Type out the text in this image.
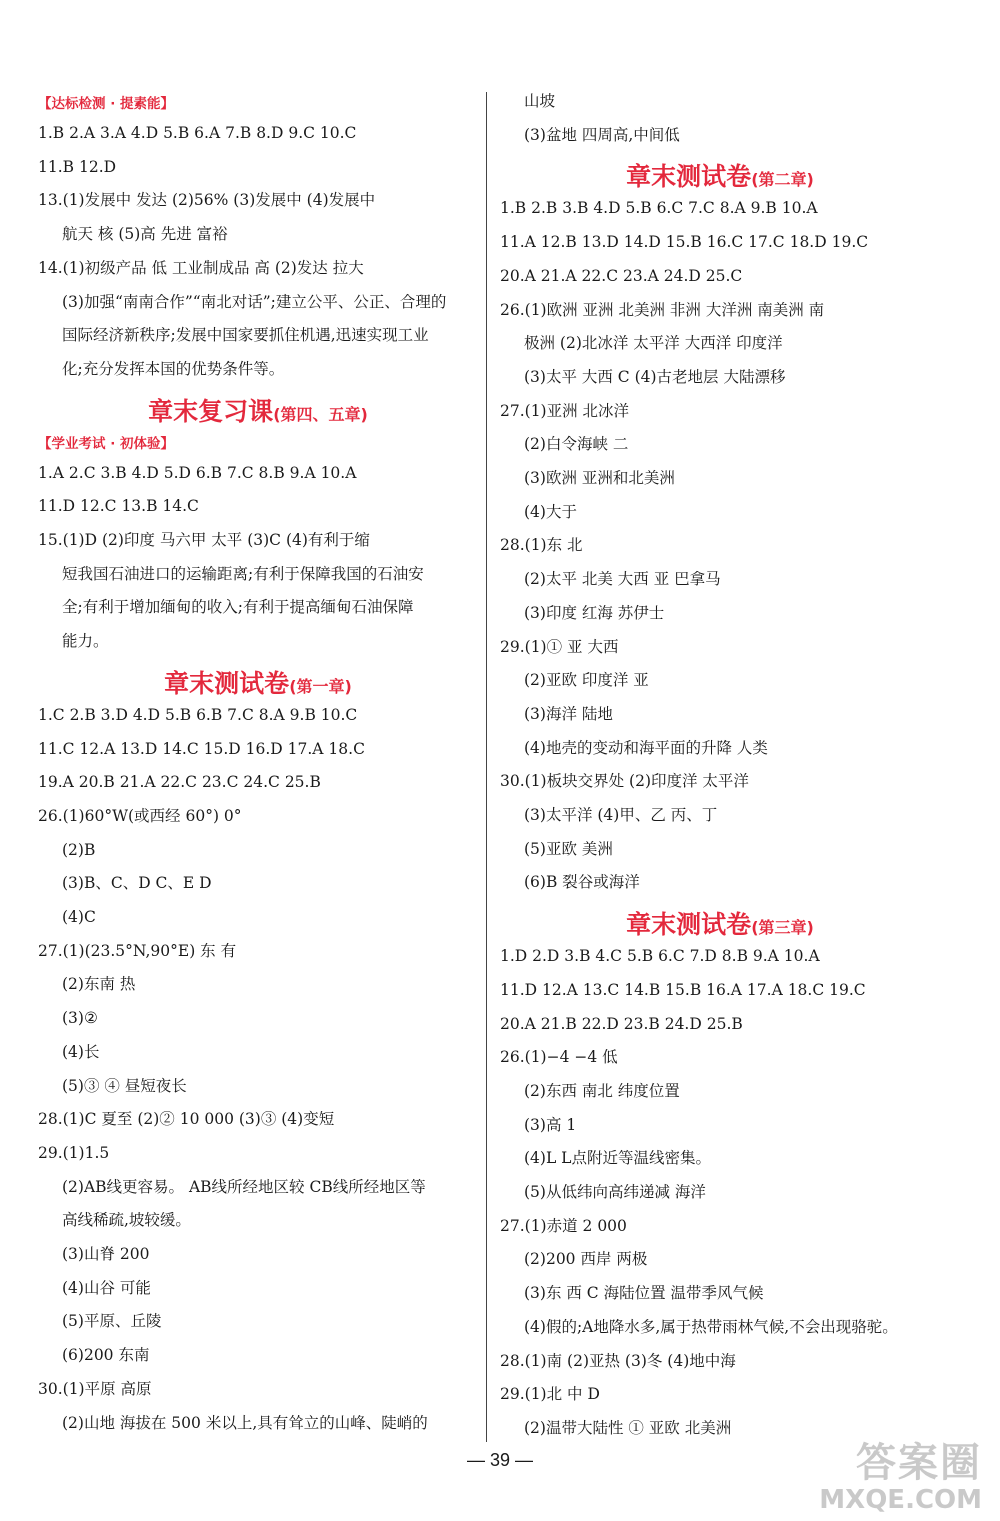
【达标检测 · 提素能】
1.B 2.A 3.A 4.D 5.B 6.A 7.B 8.D 9.C 10.C
11.B 12.D
13.(1)发展中 发达 (2)56% (3)发展中 (4)发展中
航天 核 (5)高 先进 富裕
14.(1)初级产品 低 工业制成品 高 (2)发达 拉大
(3)加强“南南合作”“南北对话”;建立公平、公正、合理的
国际经济新秩序;发展中国家要抓住机遇,迅速实现工业
化;充分发挥本国的优势条件等。
章末复习课(第四、五章)
【学业考试 · 初体验】
1.A 2.C 3.B 4.D 5.D 6.B 7.C 8.B 9.A 10.A
11.D 12.C 13.B 14.C
15.(1)D (2)印度 马六甲 太平 (3)C (4)有利于缩
短我国石油进口的运输距离;有利于保障我国的石油安
全;有利于增加缅甸的收入;有利于提高缅甸石油保障
能力。
章末测试卷(第一章)
1.C 2.B 3.D 4.D 5.B 6.B 7.C 8.A 9.B 10.C
11.C 12.A 13.D 14.C 15.D 16.D 17.A 18.C
19.A 20.B 21.A 22.C 23.C 24.C 25.B
26.(1)60°W(或西经 60°) 0°
(2)B
(3)B、C、D C、E D
(4)C
27.(1)(23.5°N,90°E) 东 有
(2)东南 热
(3)②
(4)长
(5)③ ④ 昼短夜长
28.(1)C 夏至 (2)② 10 000 (3)③ (4)变短
29.(1)1.5
(2)AB线更容易。 AB线所经地区较 CB线所经地区等
高线稀疏,坡较缓。
(3)山脊 200
(4)山谷 可能
(5)平原、丘陵
(6)200 东南
30.(1)平原 高原
(2)山地 海拔在 500 米以上,具有耸立的山峰、陡峭的
山坡
(3)盆地 四周高,中间低
章末测试卷(第二章)
1.B 2.B 3.B 4.D 5.B 6.C 7.C 8.A 9.B 10.A
11.A 12.B 13.D 14.D 15.B 16.C 17.C 18.D 19.C
20.A 21.A 22.C 23.A 24.D 25.C
26.(1)欧洲 亚洲 北美洲 非洲 大洋洲 南美洲 南
极洲 (2)北冰洋 太平洋 大西洋 印度洋
(3)太平 大西 C (4)古老地层 大陆漂移
27.(1)亚洲 北冰洋
(2)白令海峡 二
(3)欧洲 亚洲和北美洲
(4)大于
28.(1)东 北
(2)太平 北美 大西 亚 巴拿马
(3)印度 红海 苏伊士
29.(1)① 亚 大西
(2)亚欧 印度洋 亚
(3)海洋 陆地
(4)地壳的变动和海平面的升降 人类
30.(1)板块交界处 (2)印度洋 太平洋
(3)太平洋 (4)甲、乙 丙、丁
(5)亚欧 美洲
(6)B 裂谷或海洋
章末测试卷(第三章)
1.D 2.D 3.B 4.C 5.B 6.C 7.D 8.B 9.A 10.A
11.D 12.A 13.C 14.B 15.B 16.A 17.A 18.C 19.C
20.A 21.B 22.D 23.B 24.D 25.B
26.(1)−4 −4 低
(2)东西 南北 纬度位置
(3)高 1
(4)L L点附近等温线密集。
(5)从低纬向高纬递减 海洋
27.(1)赤道 2 000
(2)200 西岸 两极
(3)东 西 C 海陆位置 温带季风气候
(4)假的;A地降水多,属于热带雨林气候,不会出现骆驼。
28.(1)南 (2)亚热 (3)冬 (4)地中海
29.(1)北 中 D
(2)温带大陆性 ① 亚欧 北美洲
— 39 —	答案圈
MXQE.COM
